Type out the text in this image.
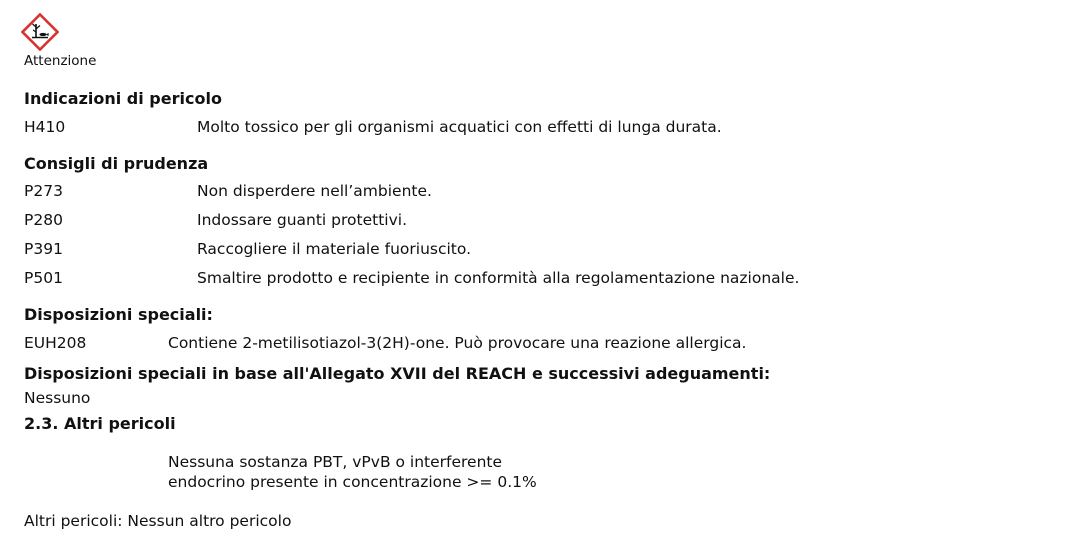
Attenzione
Indicazioni di pericolo
H410	Molto tossico per gli organismi acquatici con effetti di lunga durata.
Consigli di prudenza
P273	Non disperdere nell’ambiente.
P280	Indossare guanti protettivi.
P391	Raccogliere il materiale fuoriuscito.
P501	Smaltire prodotto e recipiente in conformità alla regolamentazione nazionale.
Disposizioni speciali:
EUH208	Contiene 2-metilisotiazol-3(2H)-one. Può provocare una reazione allergica.
Disposizioni speciali in base all'Allegato XVII del REACH e successivi adeguamenti:
Nessuno
2.3. Altri pericoli
Nessuna sostanza PBT, vPvB o interferente
endocrino presente in concentrazione >= 0.1%
Altri pericoli: Nessun altro pericolo
